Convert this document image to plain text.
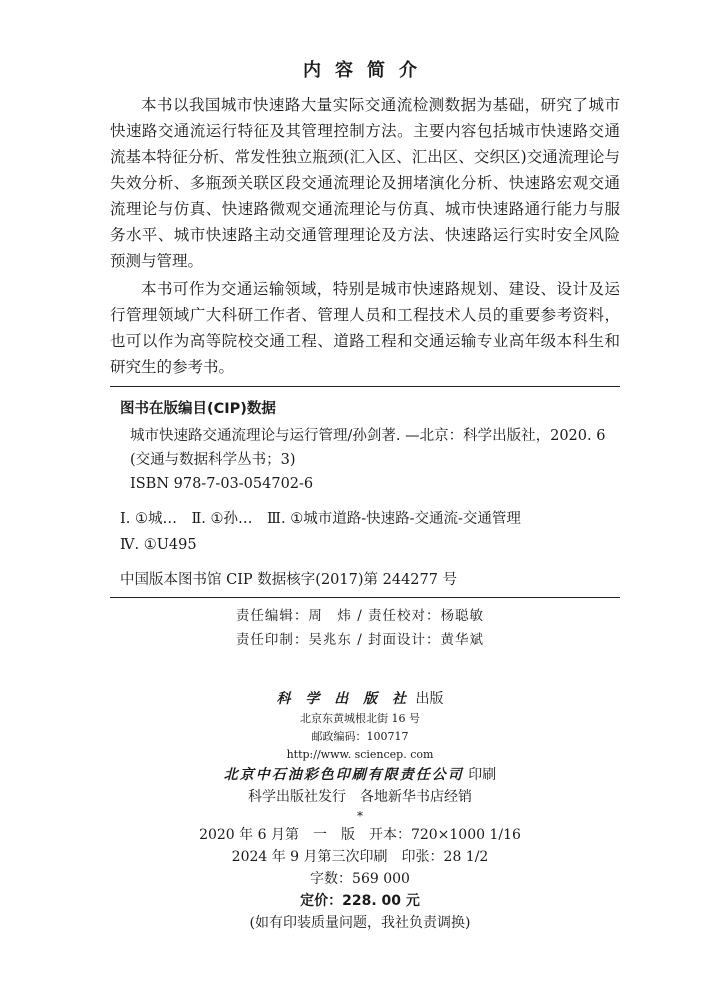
内容简介

本书以我国城市快速路大量实际交通流检测数据为基础，研究了城市快速路交通流运行特征及其管理控制方法。主要内容包括城市快速路交通流基本特征分析、常发性独立瓶颈(汇入区、汇出区、交织区)交通流理论与失效分析、多瓶颈关联区段交通流理论及拥堵演化分析、快速路宏观交通流理论与仿真、快速路微观交通流理论与仿真、城市快速路通行能力与服务水平、城市快速路主动交通管理理论及方法、快速路运行实时安全风险预测与管理。

本书可作为交通运输领域，特别是城市快速路规划、建设、设计及运行管理领域广大科研工作者、管理人员和工程技术人员的重要参考资料，也可以作为高等院校交通工程、道路工程和交通运输专业高年级本科生和研究生的参考书。

图书在版编目(CIP)数据
城市快速路交通流理论与运行管理/孙剑著. —北京：科学出版社，2020. 6
(交通与数据科学丛书；3)
ISBN 978-7-03-054702-6
Ⅰ. ①城…　Ⅱ. ①孙…　Ⅲ. ①城市道路-快速路-交通流-交通管理
Ⅳ. ①U495
中国版本图书馆 CIP 数据核字(2017)第 244277 号
责任编辑：周　炜 / 责任校对：杨聪敏
责任印制：吴兆东 / 封面设计：黄华斌

科 学 出 版 社 出版

北京东黄城根北街 16 号

邮政编码：100717

http://www. sciencep. com

北京中石油彩色印刷有限责任公司 印刷

科学出版社发行　各地新华书店经销

*

2020 年 6 月第　一　版　开本：720×1000 1/16

2024 年 9 月第三次印刷　印张：28 1/2

字数：569 000

定价：228. 00 元

(如有印装质量问题，我社负责调换)
